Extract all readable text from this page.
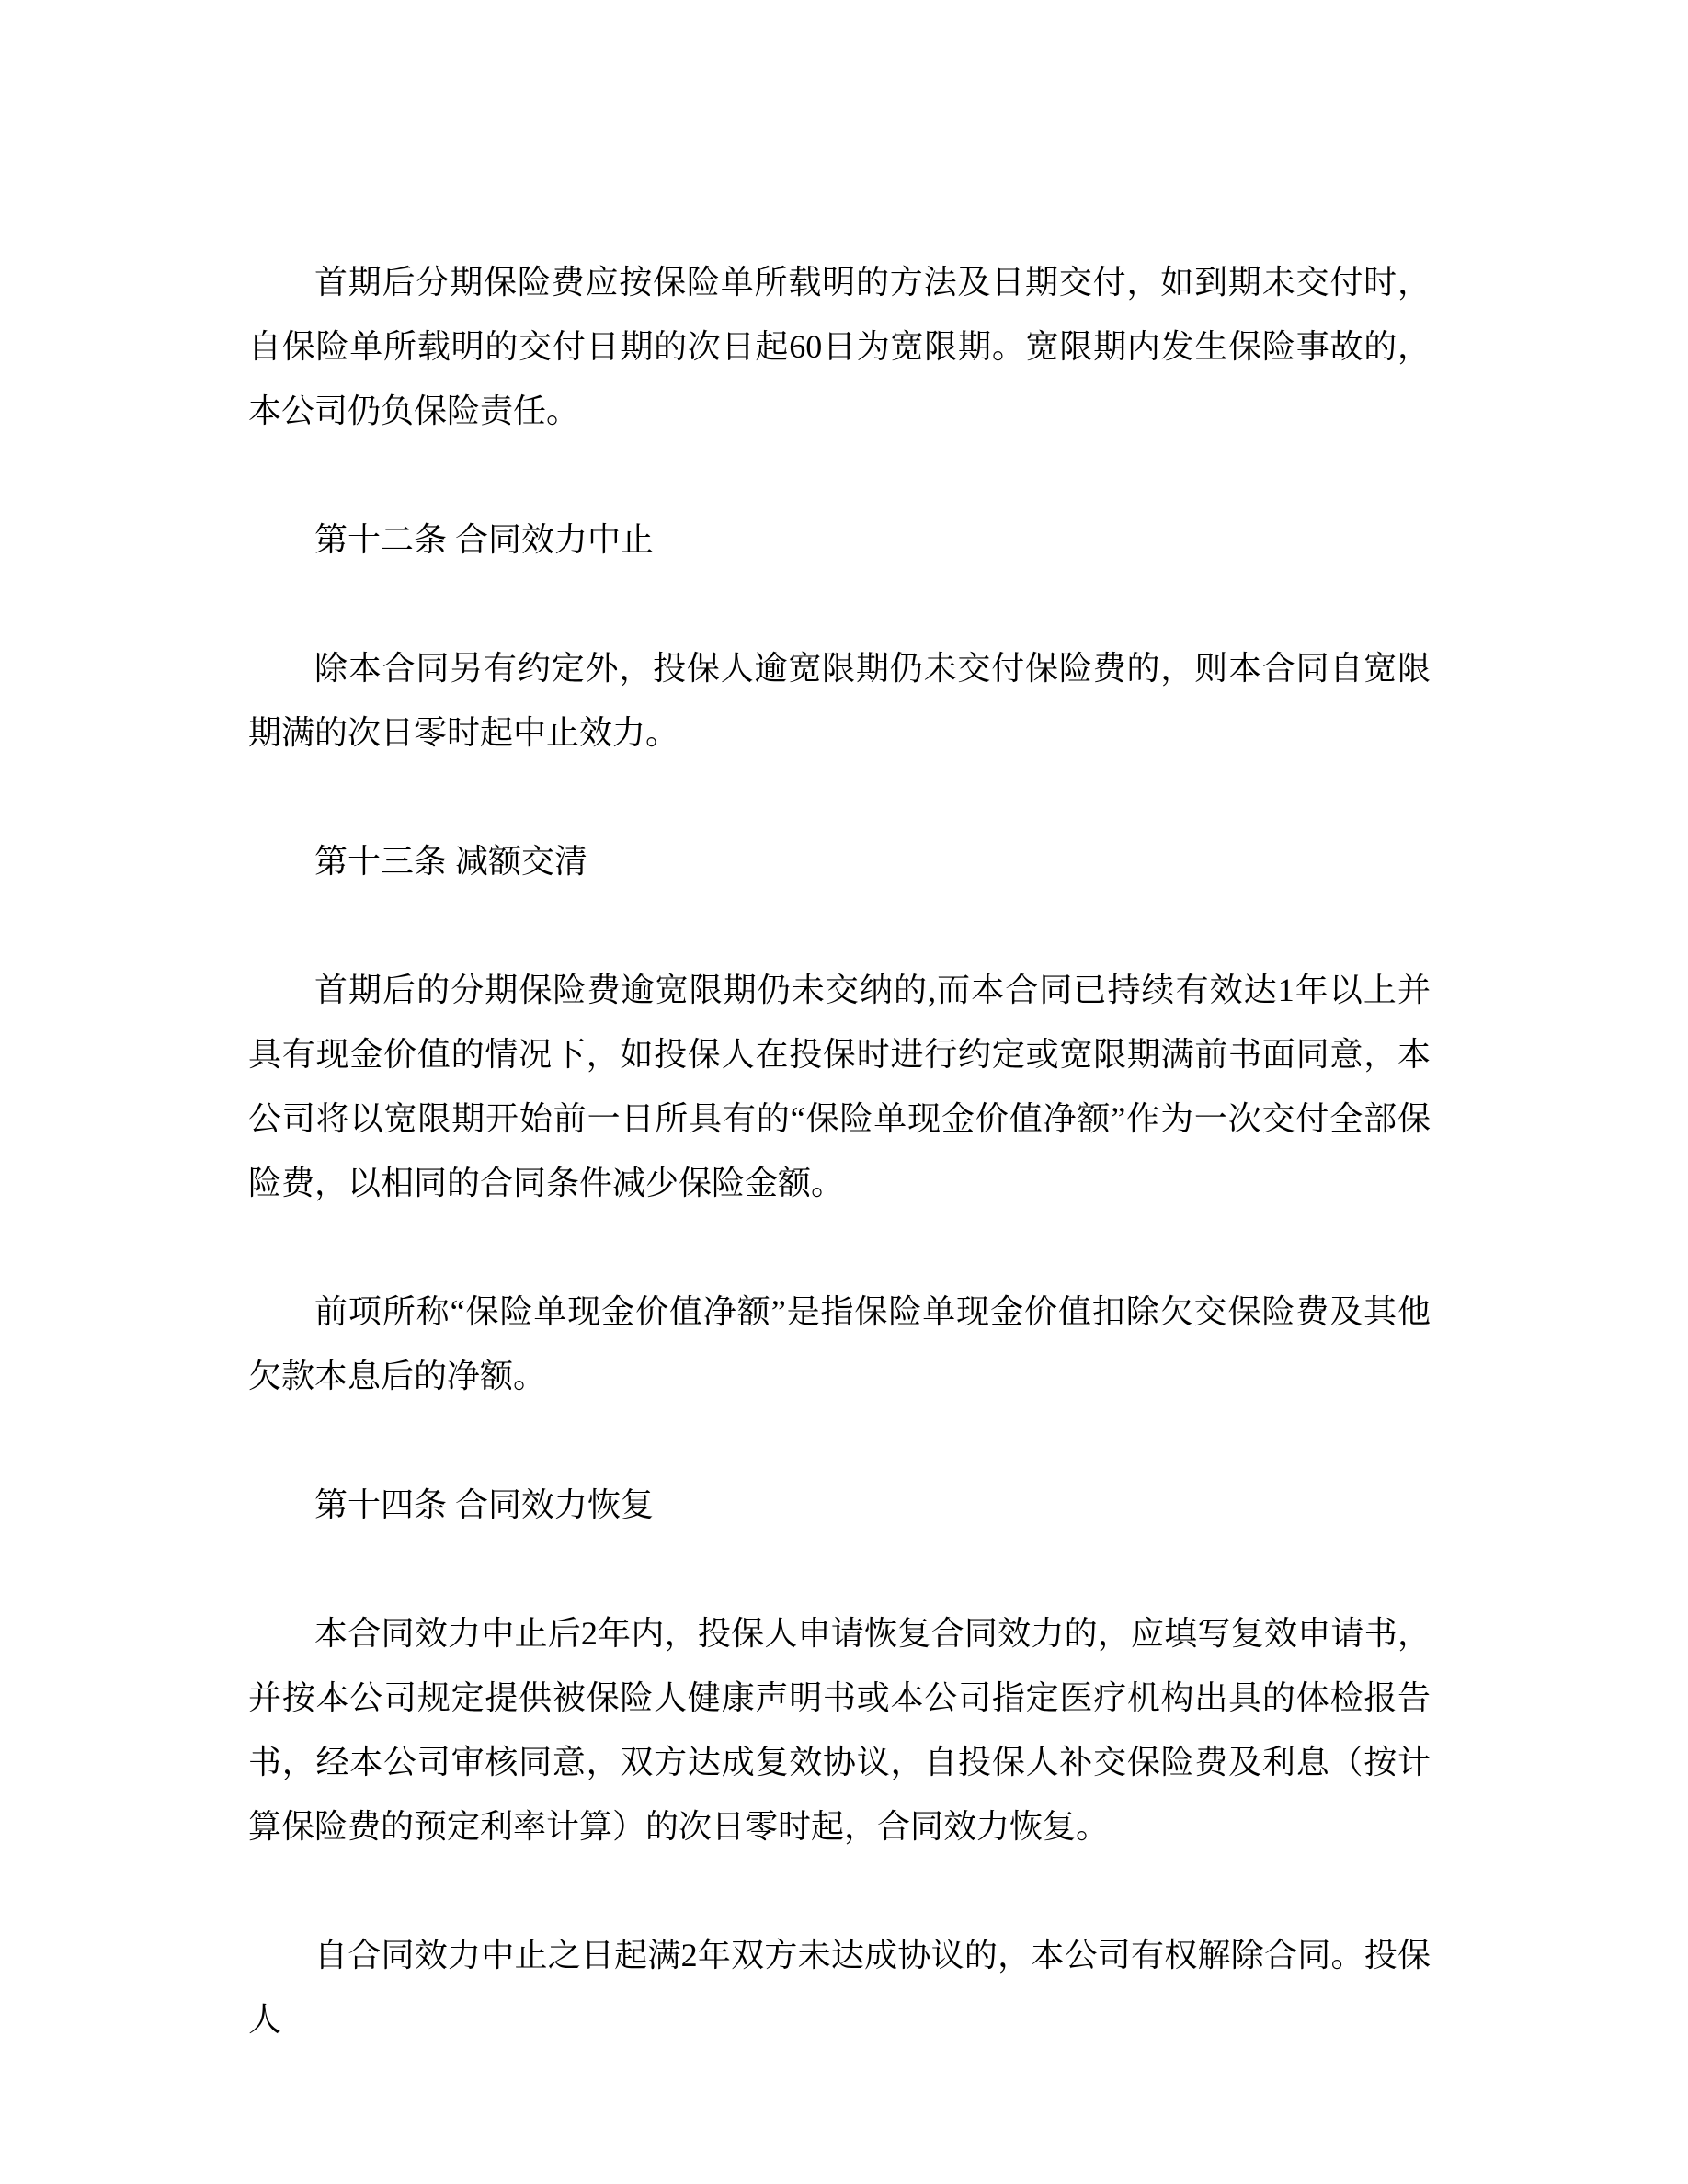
首期后分期保险费应按保险单所载明的方法及日期交付，如到期未交付时，自保险单所载明的交付日期的次日起60日为宽限期。宽限期内发生保险事故的，本公司仍负保险责任。

第十二条 合同效力中止

除本合同另有约定外，投保人逾宽限期仍未交付保险费的，则本合同自宽限期满的次日零时起中止效力。

第十三条 减额交清

首期后的分期保险费逾宽限期仍未交纳的,而本合同已持续有效达1年以上并具有现金价值的情况下，如投保人在投保时进行约定或宽限期满前书面同意，本公司将以宽限期开始前一日所具有的“保险单现金价值净额”作为一次交付全部保险费，以相同的合同条件减少保险金额。

前项所称“保险单现金价值净额”是指保险单现金价值扣除欠交保险费及其他欠款本息后的净额。

第十四条 合同效力恢复

本合同效力中止后2年内，投保人申请恢复合同效力的，应填写复效申请书，并按本公司规定提供被保险人健康声明书或本公司指定医疗机构出具的体检报告书，经本公司审核同意，双方达成复效协议，自投保人补交保险费及利息（按计算保险费的预定利率计算）的次日零时起，合同效力恢复。

自合同效力中止之日起满2年双方未达成协议的，本公司有权解除合同。投保人
